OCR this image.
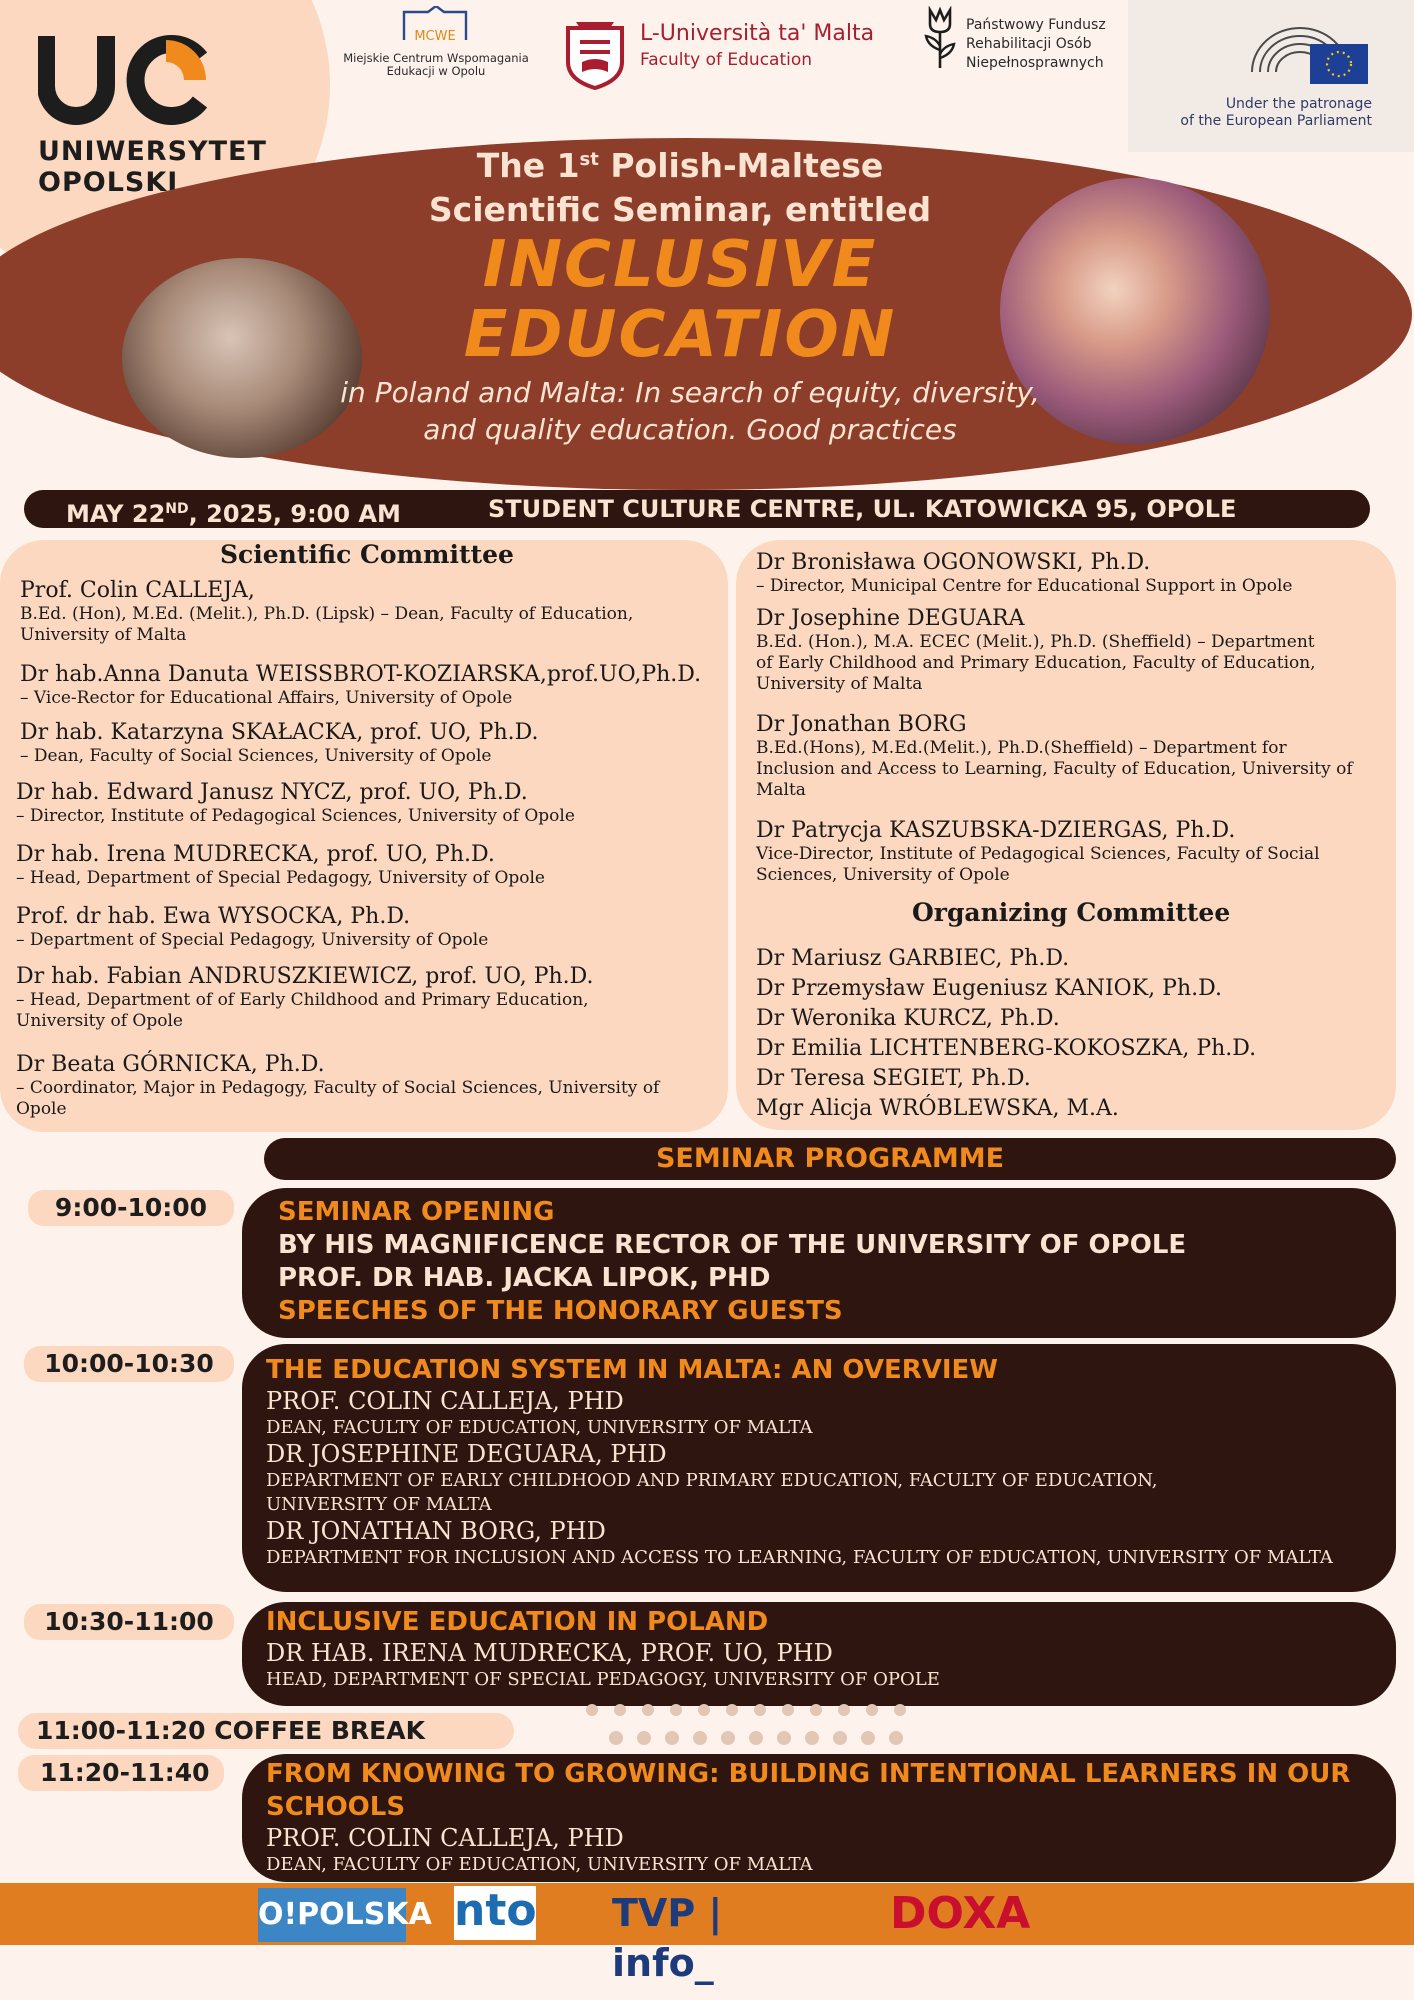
UNIWERSYTET
OPOLSKI
MCWE
Miejskie Centrum Wspomagania
Edukacji w Opolu
L-Università ta' Malta
Faculty of Education
Państwowy Fundusz
Rehabilitacji Osób
Niepełnosprawnych
Under the patronage
of the European Parliament
The 1st Polish-Maltese
Scientific Seminar, entitled
INCLUSIVE
EDUCATION
in Poland and Malta: In search of equity, diversity,
and quality education. Good practices
MAY 22ND, 2025, 9:00 AM	STUDENT CULTURE CENTRE, UL. KATOWICKA 95, OPOLE
Scientific Committee
Prof. Colin CALLEJA,
B.Ed. (Hon), M.Ed. (Melit.), Ph.D. (Lipsk) – Dean, Faculty of Education,
University of Malta
Dr hab.Anna Danuta WEISSBROT-KOZIARSKA,prof.UO,Ph.D.
– Vice-Rector for Educational Affairs, University of Opole
Dr hab. Katarzyna SKAŁACKA, prof. UO, Ph.D.
– Dean, Faculty of Social Sciences, University of Opole
Dr hab. Edward Janusz NYCZ, prof. UO, Ph.D.
– Director, Institute of Pedagogical Sciences, University of Opole
Dr hab. Irena MUDRECKA, prof. UO, Ph.D.
– Head, Department of Special Pedagogy, University of Opole
Prof. dr hab. Ewa WYSOCKA, Ph.D.
– Department of Special Pedagogy, University of Opole
Dr hab. Fabian ANDRUSZKIEWICZ, prof. UO, Ph.D.
– Head, Department of of Early Childhood and Primary Education,
University of Opole
Dr Beata GÓRNICKA, Ph.D.
– Coordinator, Major in Pedagogy, Faculty of Social Sciences, University of
Opole
Dr Bronisława OGONOWSKI, Ph.D.
– Director, Municipal Centre for Educational Support in Opole
Dr Josephine DEGUARA
B.Ed. (Hon.), M.A. ECEC (Melit.), Ph.D. (Sheffield) – Department
of Early Childhood and Primary Education, Faculty of Education,
University of Malta
Dr Jonathan BORG
B.Ed.(Hons), M.Ed.(Melit.), Ph.D.(Sheffield) – Department for
Inclusion and Access to Learning, Faculty of Education, University of
Malta
Dr Patrycja KASZUBSKA-DZIERGAS, Ph.D.
Vice-Director, Institute of Pedagogical Sciences, Faculty of Social
Sciences, University of Opole
Organizing Committee
Dr Mariusz GARBIEC, Ph.D.
Dr Przemysław Eugeniusz KANIOK, Ph.D.
Dr Weronika KURCZ, Ph.D.
Dr Emilia LICHTENBERG-KOKOSZKA, Ph.D.
Dr Teresa SEGIET, Ph.D.
Mgr Alicja WRÓBLEWSKA, M.A.
SEMINAR PROGRAMME
9:00-10:00	SEMINAR OPENING
BY HIS MAGNIFICENCE RECTOR OF THE UNIVERSITY OF OPOLE
PROF. DR HAB. JACKA LIPOK, PHD
SPEECHES OF THE HONORARY GUESTS
10:00-10:30	THE EDUCATION SYSTEM IN MALTA: AN OVERVIEW
PROF. COLIN CALLEJA, PHD
DEAN, FACULTY OF EDUCATION, UNIVERSITY OF MALTA
DR JOSEPHINE DEGUARA, PHD
DEPARTMENT OF EARLY CHILDHOOD AND PRIMARY EDUCATION, FACULTY OF EDUCATION,
UNIVERSITY OF MALTA
DR JONATHAN BORG, PHD
DEPARTMENT FOR INCLUSION AND ACCESS TO LEARNING, FACULTY OF EDUCATION, UNIVERSITY OF MALTA
10:30-11:00	INCLUSIVE EDUCATION IN POLAND
DR HAB. IRENA MUDRECKA, PROF. UO, PHD
HEAD, DEPARTMENT OF SPECIAL PEDAGOGY, UNIVERSITY OF OPOLE
11:00-11:20 COFFEE BREAK
11:20-11:40	FROM KNOWING TO GROWING: BUILDING INTENTIONAL LEARNERS IN OUR
SCHOOLS
PROF. COLIN CALLEJA, PHD
DEAN, FACULTY OF EDUCATION, UNIVERSITY OF MALTA
O!POLSKA nto TVP | info_
DOXA
